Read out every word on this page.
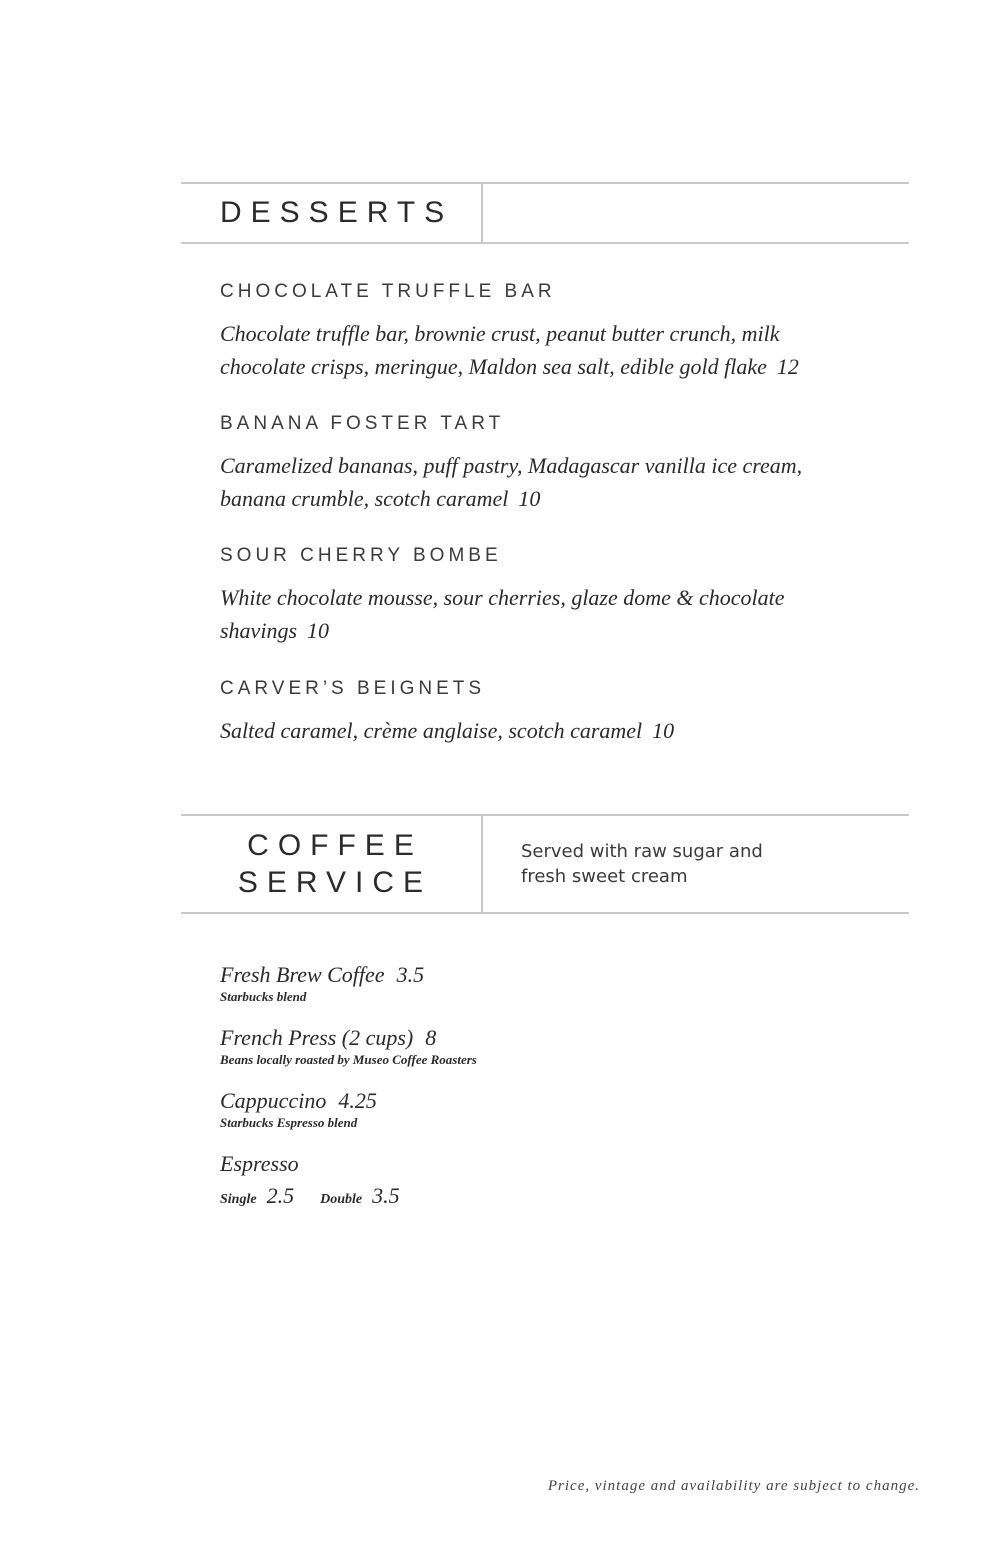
DESSERTS

CHOCOLATE TRUFFLE BAR

Chocolate truffle bar, brownie crust, peanut butter crunch, milk chocolate crisps, meringue, Maldon sea salt, edible gold flake 12

BANANA FOSTER TART

Caramelized bananas, puff pastry, Madagascar vanilla ice cream, banana crumble, scotch caramel 10

SOUR CHERRY BOMBE

White chocolate mousse, sour cherries, glaze dome & chocolate shavings 10

CARVER’S BEIGNETS

Salted caramel, crème anglaise, scotch caramel 10

COFFEE
SERVICE
Served with raw sugar and fresh sweet cream

Fresh Brew Coffee 3.5

Starbucks blend

French Press (2 cups) 8

Beans locally roasted by Museo Coffee Roasters

Cappuccino 4.25

Starbucks Espresso blend

Espresso

Single 2.5 Double 3.5

Price, vintage and availability are subject to change.
